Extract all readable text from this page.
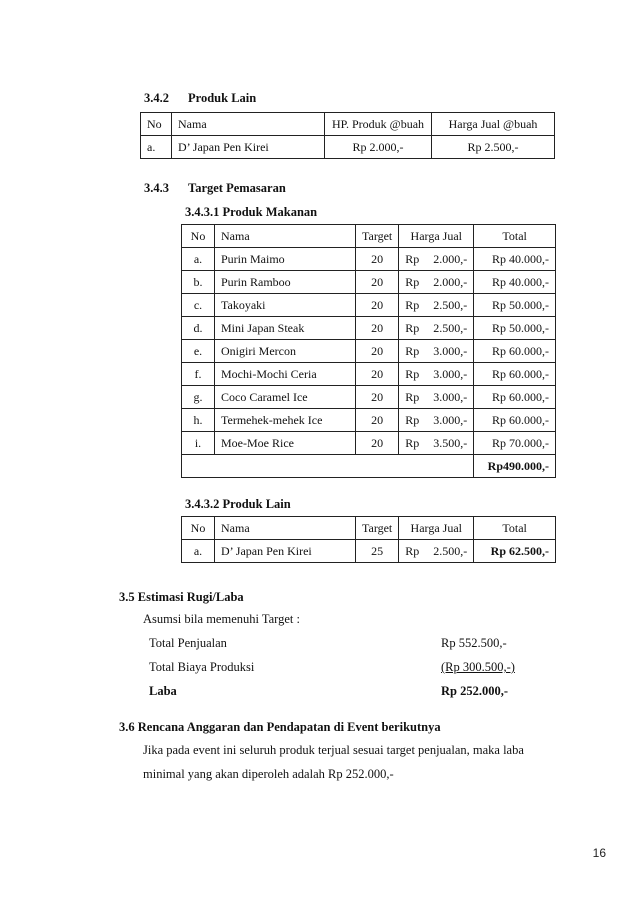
3.4.2 Produk Lain
No	Nama	HP. Produk @buah	Harga Jual @buah
a.	D’ Japan Pen Kirei	Rp 2.000,-	Rp 2.500,-
3.4.3 Target Pemasaran
3.4.3.1 Produk Makanan
No	Nama	Target	Harga Jual	Total
a.	Purin Maimo	20	Rp 2.000,-	Rp 40.000,-
b.	Purin Ramboo	20	Rp 2.000,-	Rp 40.000,-
c.	Takoyaki	20	Rp 2.500,-	Rp 50.000,-
d.	Mini Japan Steak	20	Rp 2.500,-	Rp 50.000,-
e.	Onigiri Mercon	20	Rp 3.000,-	Rp 60.000,-
f.	Mochi-Mochi Ceria	20	Rp 3.000,-	Rp 60.000,-
g.	Coco Caramel Ice	20	Rp 3.000,-	Rp 60.000,-
h.	Termehek-mehek Ice	20	Rp 3.000,-	Rp 60.000,-
i.	Moe-Moe Rice	20	Rp 3.500,-	Rp 70.000,-
				Rp490.000,-
3.4.3.2 Produk Lain
No	Nama	Target	Harga Jual	Total
a.	D’ Japan Pen Kirei	25	Rp 2.500,-	Rp 62.500,-
3.5 Estimasi Rugi/Laba
Asumsi bila memenuhi Target :
Total Penjualan	Rp 552.500,-
Total Biaya Produksi	(Rp 300.500,-)
Laba	Rp 252.000,-
3.6 Rencana Anggaran dan Pendapatan di Event berikutnya
Jika pada event ini seluruh produk terjual sesuai target penjualan, maka laba
minimal yang akan diperoleh adalah Rp 252.000,-
16
